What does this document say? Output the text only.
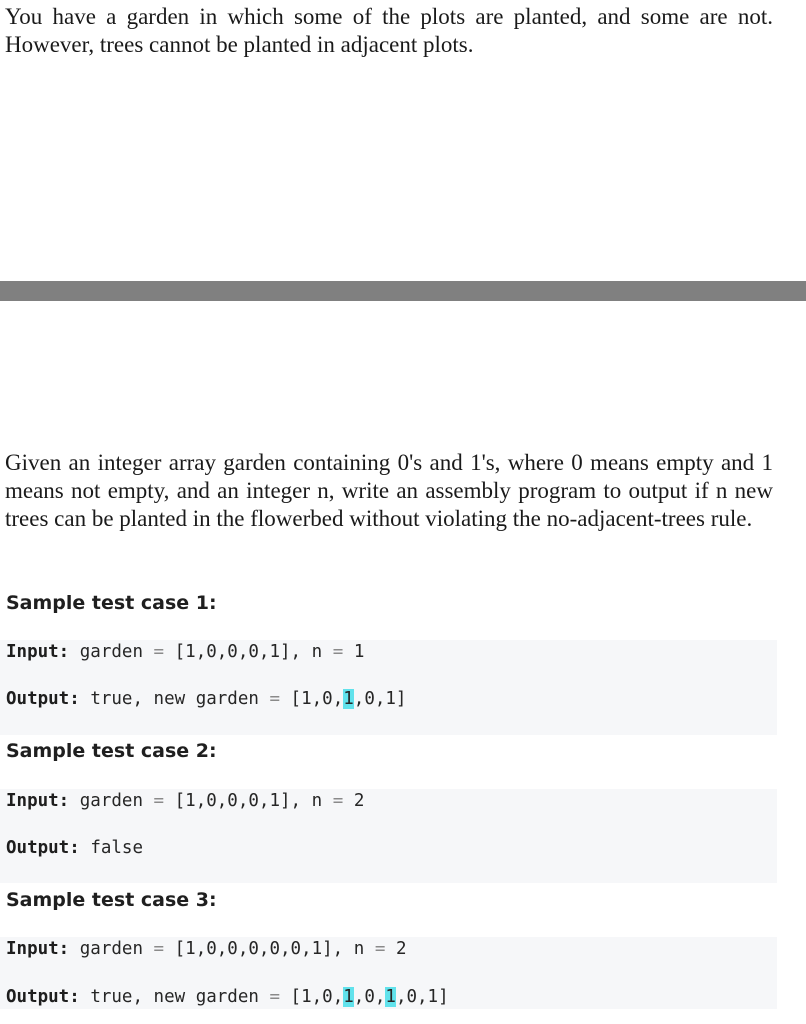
You have a garden in which some of the plots are planted, and some are not. However, trees cannot be planted in adjacent plots.
Given an integer array garden containing 0's and 1's, where 0 means empty and 1 means not empty, and an integer n, write an assembly program to output if n new trees can be planted in the flowerbed without violating the no-adjacent-trees rule.
Sample test case 1:
Input: garden = [1,0,0,0,1], n = 1
Output: true, new garden = [1,0,1,0,1]
Sample test case 2:
Input: garden = [1,0,0,0,1], n = 2
Output: false
Sample test case 3:
Input: garden = [1,0,0,0,0,0,1], n = 2
Output: true, new garden = [1,0,1,0,1,0,1]
